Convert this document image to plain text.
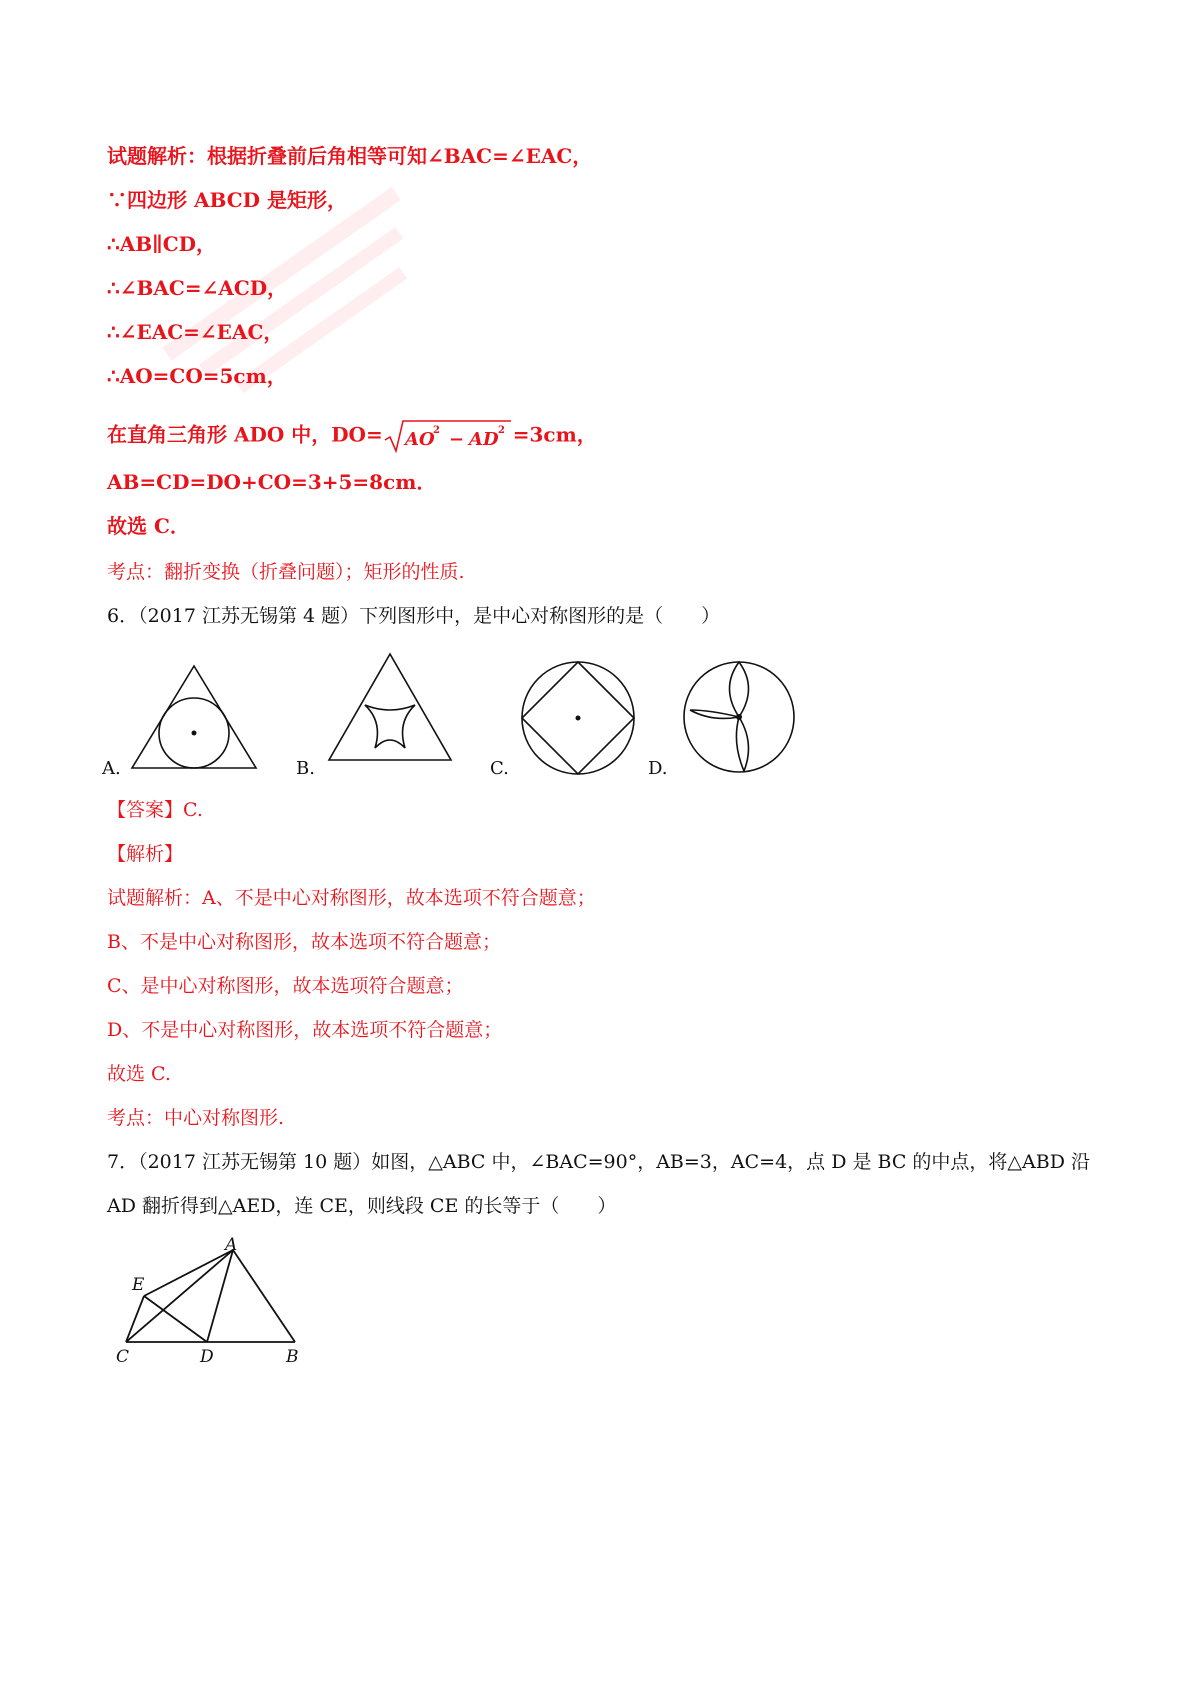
试题解析：根据折叠前后角相等可知∠BAC=∠EAC，
∵四边形 ABCD 是矩形，
∴AB∥CD，
∴∠BAC=∠ACD，
∴∠EAC=∠EAC，
∴AO=CO=5cm，
在直角三角形 ADO 中，DO= AO
2 − AD 2 =3cm，
AB=CD=DO+CO=3+5=8cm．
故选 C．
考点：翻折变换（折叠问题）；矩形的性质.
6．（2017 江苏无锡第 4 题）下列图形中，是中心对称图形的是（　　）
A.	B.	C.	D.
【答案】C.
【解析】
试题解析：A、不是中心对称图形，故本选项不符合题意；
B、不是中心对称图形，故本选项不符合题意；
C、是中心对称图形，故本选项符合题意；
D、不是中心对称图形，故本选项不符合题意；
故选 C.
考点：中心对称图形.
7．（2017 江苏无锡第 10 题）如图，△ABC 中，∠BAC=90°，AB=3，AC=4，点 D 是 BC 的中点，将△ABD 沿
AD 翻折得到△AED，连 CE，则线段 CE 的长等于（　　）
A
E
C	D	B
